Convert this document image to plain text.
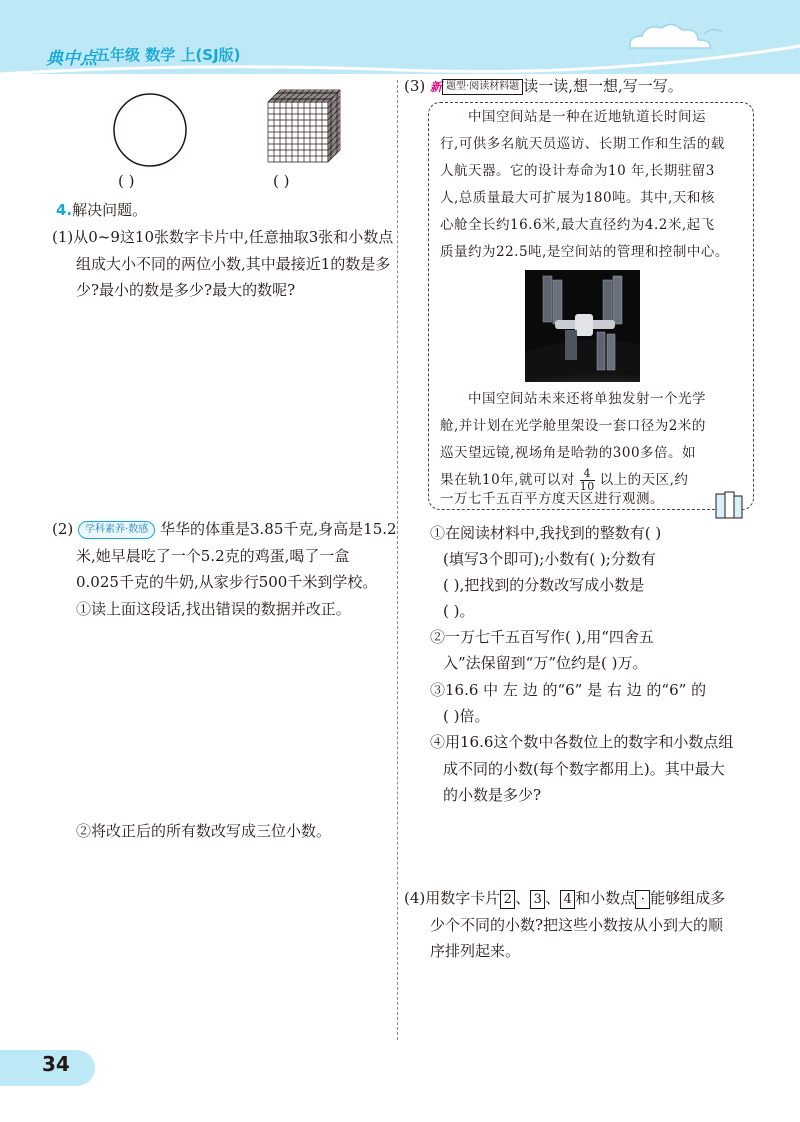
典中点
五年级 数学 上(SJ版)
( )	( )
4.解决问题。
(1)从0~9这10张数字卡片中,任意抽取3张和小数点
组成大小不同的两位小数,其中最接近1的数是多
少?最小的数是多少?最大的数呢?
(2) 学科素养·数感 华华的体重是3.85千克,身高是15.2
米,她早晨吃了一个5.2克的鸡蛋,喝了一盒
0.025千克的牛奶,从家步行500千米到学校。
①读上面这段话,找出错误的数据并改正。
②将改正后的所有数改写成三位小数。
(3) 新 题型·阅读材料题 读一读,想一想,写一写。
中国空间站是一种在近地轨道长时间运
行,可供多名航天员巡访、长期工作和生活的载
人航天器。它的设计寿命为10 年,长期驻留3
人,总质量最大可扩展为180吨。其中,天和核
心舱全长约16.6米,最大直径约为4.2米,起飞
质量约为22.5吨,是空间站的管理和控制中心。
中国空间站未来还将单独发射一个光学
舱,并计划在光学舱里架设一套口径为2米的
巡天望远镜,视场角是哈勃的300多倍。如
果在轨10年,就可以对 $\frac{4}{10}$ 以上的天区,约
一万七千五百平方度天区进行观测。
①在阅读材料中,我找到的整数有( )
(填写3个即可);小数有( );分数有
( ),把找到的分数改写成小数是
( )。
②一万七千五百写作( ),用“四舍五
入”法保留到“万”位约是( )万。
③16.6 中 左 边 的“6” 是 右 边 的“6” 的
( )倍。
④用16.6这个数中各数位上的数字和小数点组
成不同的小数(每个数字都用上)。其中最大
的小数是多少?
(4)用数字卡片 2 、 3 、 4 和小数点 · 能够组成多
少个不同的小数?把这些小数按从小到大的顺
序排列起来。
34
